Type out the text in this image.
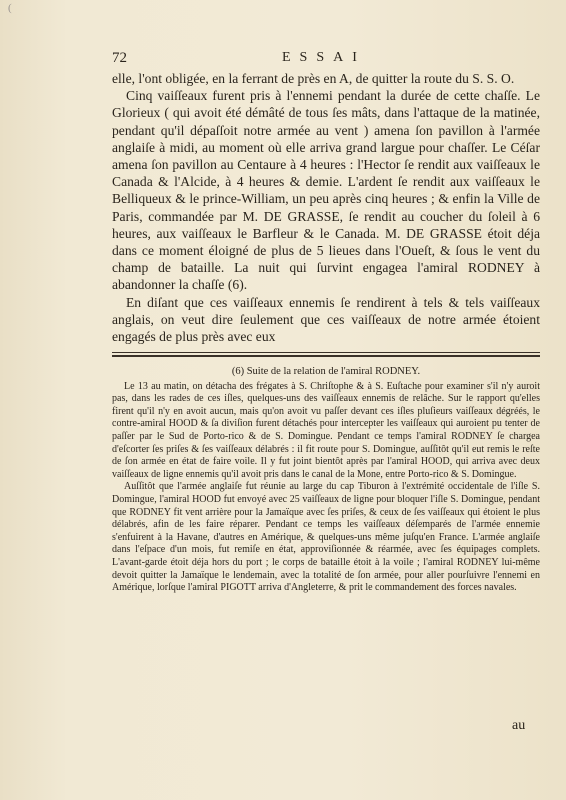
(
72	ESSAI

elle, l'ont obligée, en la ferrant de près en A, de quitter la route du S. S. O.

Cinq vaiſſeaux furent pris à l'ennemi pendant la durée de cette chaſſe. Le Glorieux ( qui avoit été démâté de tous ſes mâts, dans l'attaque de la matinée, pendant qu'il dépaſſoit notre armée au vent ) amena ſon pavillon à l'armée anglaiſe à midi, au moment où elle arriva grand largue pour chaſſer. Le Céſar amena ſon pavillon au Centaure à 4 heures : l'Hector ſe rendit aux vaiſſeaux le Canada & l'Alcide, à 4 heures & demie. L'ardent ſe rendit aux vaiſſeaux le Belliqueux & le prince-William, un peu après cinq heures ; & enfin la Ville de Paris, commandée par M. DE GRASSE, ſe rendit au coucher du ſoleil à 6 heures, aux vaiſſeaux le Barfleur & le Canada. M. DE GRASSE étoit déja dans ce moment éloigné de plus de 5 lieues dans l'Oueſt, & ſous le vent du champ de bataille. La nuit qui ſurvint engagea l'amiral RODNEY à abandonner la chaſſe (6).

En diſant que ces vaiſſeaux ennemis ſe rendirent à tels & tels vaiſſeaux anglais, on veut dire ſeulement que ces vaiſſeaux de notre armée étoient engagés de plus près avec eux

(6) Suite de la relation de l'amiral RODNEY.

Le 13 au matin, on détacha des frégates à S. Chriſtophe & à S. Euſtache pour examiner s'il n'y auroit pas, dans les rades de ces iſles, quelques-uns des vaiſſeaux ennemis de relâche. Sur le rapport qu'elles firent qu'il n'y en avoit aucun, mais qu'on avoit vu paſſer devant ces iſles pluſieurs vaiſſeaux dégréés, le contre-amiral HOOD & ſa diviſion furent détachés pour intercepter les vaiſſeaux qui auroient pu tenter de paſſer par le Sud de Porto-rico & de S. Domingue. Pendant ce temps l'amiral RODNEY ſe chargea d'eſcorter ſes priſes & ſes vaiſſeaux délabrés : il fit route pour S. Domingue, auſſitôt qu'il eut remis le reſte de ſon armée en état de faire voile. Il y fut joint bientôt après par l'amiral HOOD, qui arriva avec deux vaiſſeaux de ligne ennemis qu'il avoit pris dans le canal de la Mone, entre Porto-rico & S. Domingue.

Auſſitôt que l'armée anglaiſe fut réunie au large du cap Tiburon à l'extrémité occidentale de l'iſle S. Domingue, l'amiral HOOD fut envoyé avec 25 vaiſſeaux de ligne pour bloquer l'iſle S. Domingue, pendant que RODNEY fit vent arrière pour la Jamaïque avec ſes priſes, & ceux de ſes vaiſſeaux qui étoient le plus délabrés, afin de les faire réparer. Pendant ce temps les vaiſſeaux déſemparés de l'armée ennemie s'enfuirent à la Havane, d'autres en Amérique, & quelques-uns même juſqu'en France. L'armée anglaiſe dans l'eſpace d'un mois, fut remiſe en état, approviſionnée & réarmée, avec ſes équipages complets. L'avant-garde étoit déja hors du port ; le corps de bataille étoit à la voile ; l'amiral RODNEY lui-même devoit quitter la Jamaïque le lendemain, avec la totalité de ſon armée, pour aller pourſuivre l'ennemi en Amérique, lorſque l'amiral PIGOTT arriva d'Angleterre, & prit le commandement des forces navales.

au
